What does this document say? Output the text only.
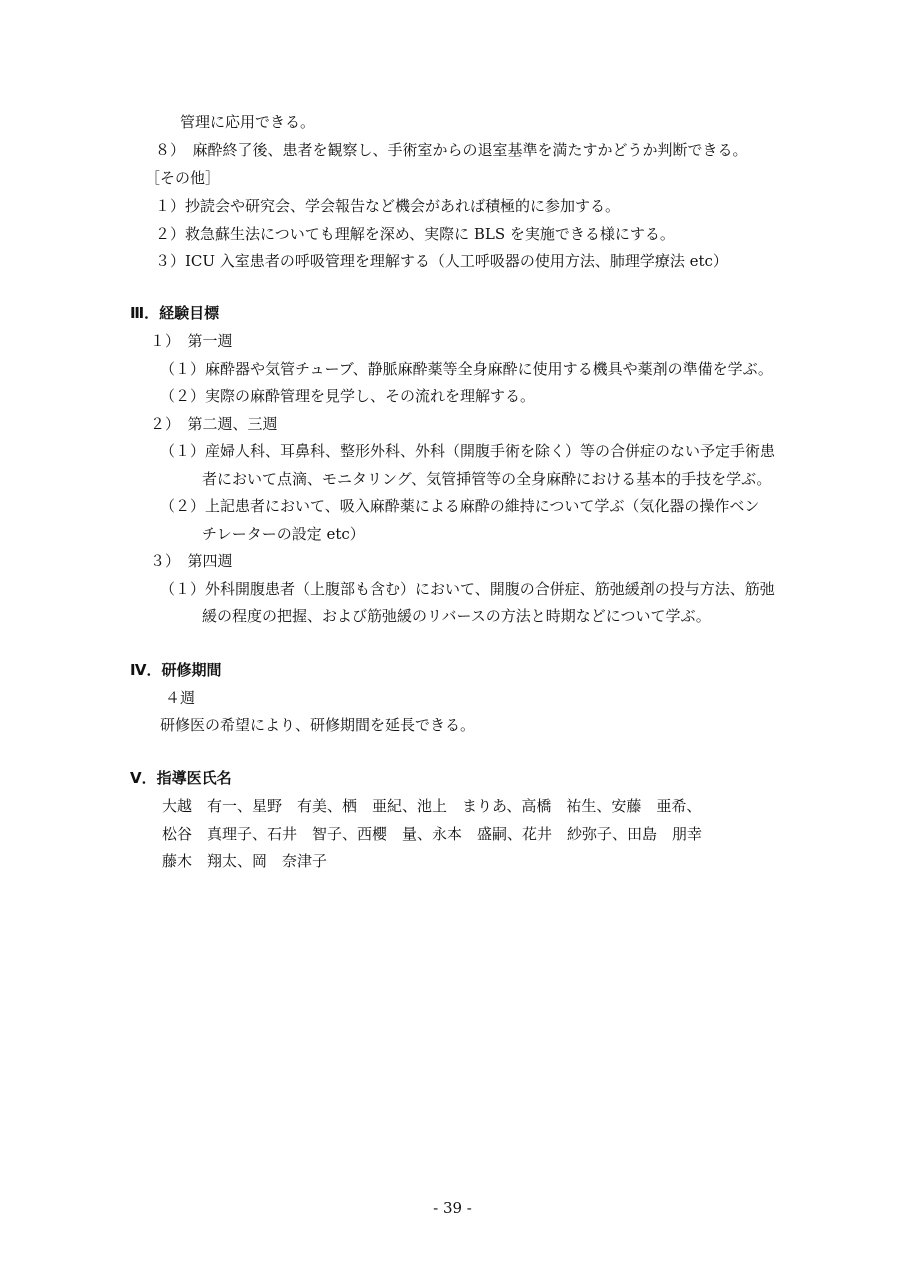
管理に応用できる。
８）　麻酔終了後、患者を観察し、手術室からの退室基準を満たすかどうか判断できる。
［その他］
１）抄読会や研究会、学会報告など機会があれば積極的に参加する。
２）救急蘇生法についても理解を深め、実際に BLS を実施できる様にする。
３）ICU 入室患者の呼吸管理を理解する（人工呼吸器の使用方法、肺理学療法 etc）
Ⅲ．経験目標
１）　第一週
（１）麻酔器や気管チューブ、静脈麻酔薬等全身麻酔に使用する機具や薬剤の準備を学ぶ。
（２）実際の麻酔管理を見学し、その流れを理解する。
２）　第二週、三週
（１）産婦人科、耳鼻科、整形外科、外科（開腹手術を除く）等の合併症のない予定手術患
者において点滴、モニタリング、気管挿管等の全身麻酔における基本的手技を学ぶ。
（２）上記患者において、吸入麻酔薬による麻酔の維持について学ぶ（気化器の操作ベン
チレーターの設定 etc）
３）　第四週
（１）外科開腹患者（上腹部も含む）において、開腹の合併症、筋弛緩剤の投与方法、筋弛
緩の程度の把握、および筋弛緩のリバースの方法と時期などについて学ぶ。
Ⅳ．研修期間
４週
研修医の希望により、研修期間を延長できる。
Ⅴ．指導医氏名
大越　有一、星野　有美、栖　亜紀、池上　まりあ、高橋　祐生、安藤　亜希、
松谷　真理子、石井　智子、西櫻　量、永本　盛嗣、花井　紗弥子、田島　朋幸
藤木　翔太、岡　奈津子
- 39 -
